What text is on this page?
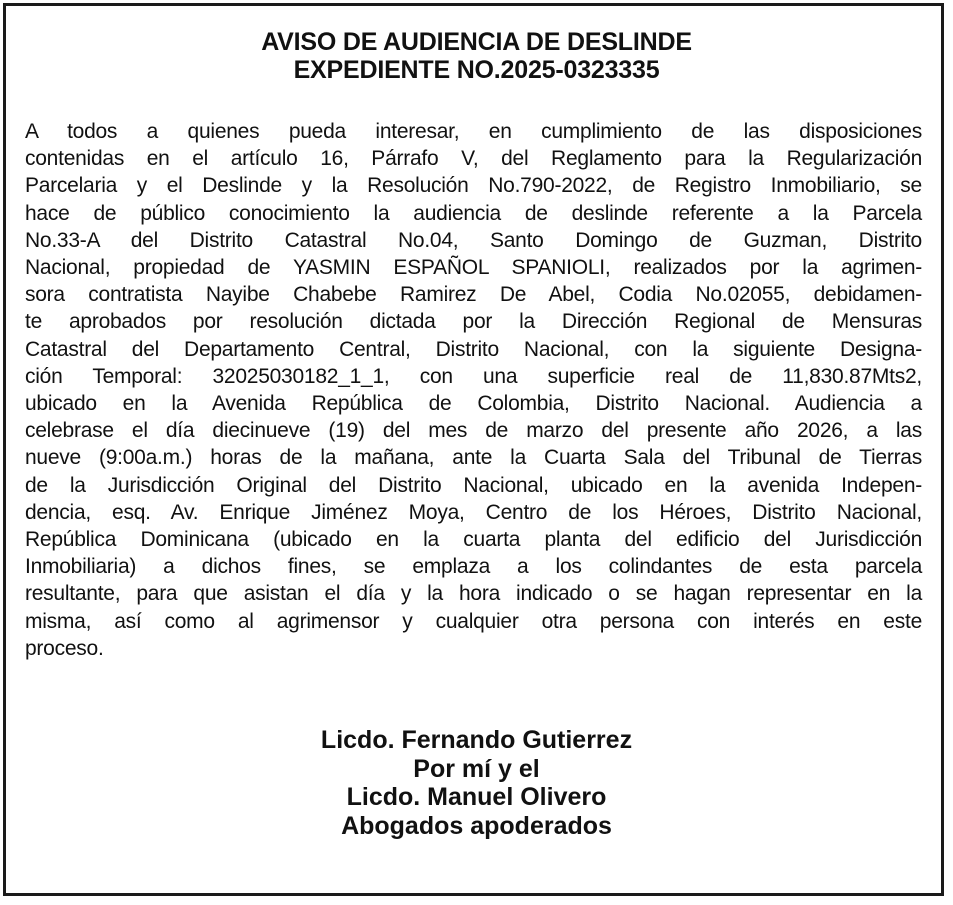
AVISO DE AUDIENCIA DE DESLINDE
EXPEDIENTE NO.2025-0323335
A todos a quienes pueda interesar, en cumplimiento de las disposiciones
contenidas en el artículo 16, Párrafo V, del Reglamento para la Regularización
Parcelaria y el Deslinde y la Resolución No.790-2022, de Registro Inmobiliario, se
hace de público conocimiento la audiencia de deslinde referente a la Parcela
No.33-A del Distrito Catastral No.04, Santo Domingo de Guzman, Distrito
Nacional, propiedad de YASMIN ESPAÑOL SPANIOLI, realizados por la agrimen-
sora contratista Nayibe Chabebe Ramirez De Abel, Codia No.02055, debidamen-
te aprobados por resolución dictada por la Dirección Regional de Mensuras
Catastral del Departamento Central, Distrito Nacional, con la siguiente Designa-
ción Temporal: 32025030182_1_1, con una superficie real de 11,830.87Mts2,
ubicado en la Avenida República de Colombia, Distrito Nacional. Audiencia a
celebrase el día diecinueve (19) del mes de marzo del presente año 2026, a las
nueve (9:00a.m.) horas de la mañana, ante la Cuarta Sala del Tribunal de Tierras
de la Jurisdicción Original del Distrito Nacional, ubicado en la avenida Indepen-
dencia, esq. Av. Enrique Jiménez Moya, Centro de los Héroes, Distrito Nacional,
República Dominicana (ubicado en la cuarta planta del edificio del Jurisdicción
Inmobiliaria) a dichos fines, se emplaza a los colindantes de esta parcela
resultante, para que asistan el día y la hora indicado o se hagan representar en la
misma, así como al agrimensor y cualquier otra persona con interés en este
proceso.
Licdo. Fernando Gutierrez
Por mí y el
Licdo. Manuel Olivero
Abogados apoderados
